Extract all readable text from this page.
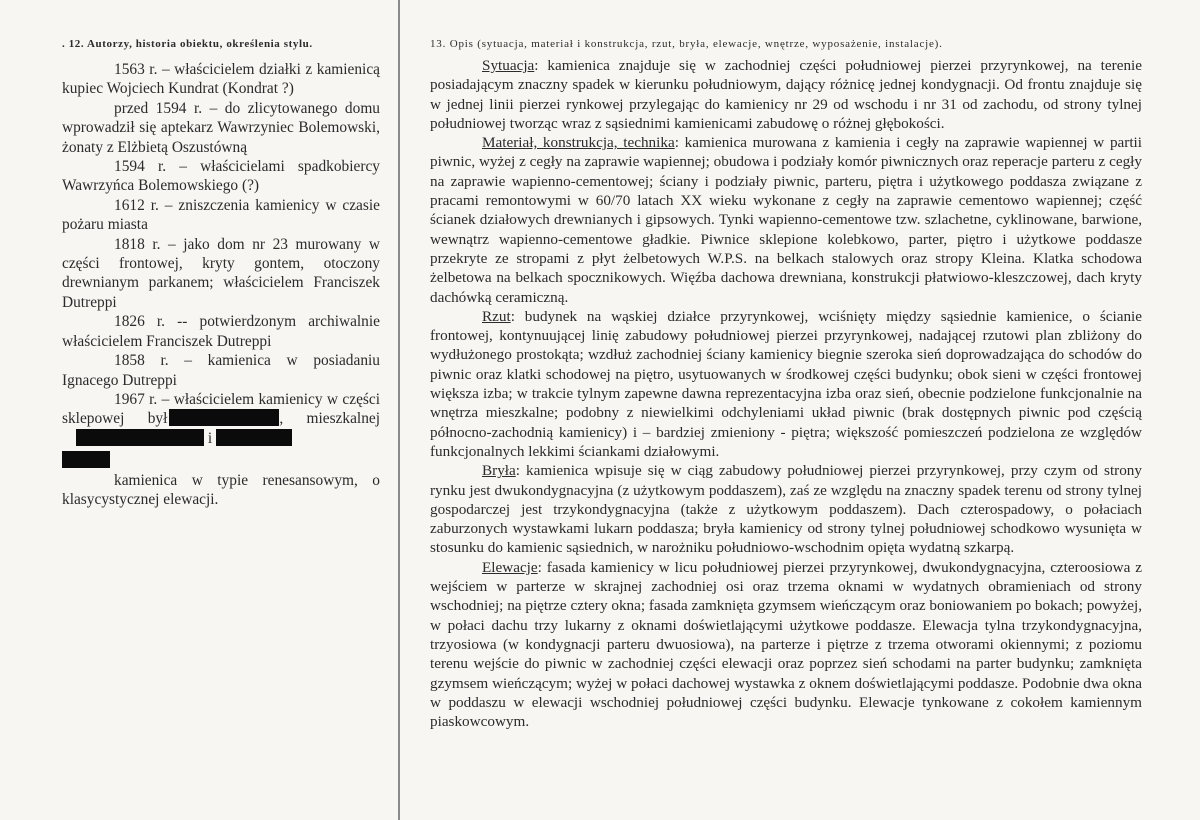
. 12. Autorzy, historia obiektu, określenia stylu.

1563 r. – właścicielem działki z kamienicą kupiec Wojciech Kundrat (Kondrat ?)

przed 1594 r. – do zlicytowanego domu wprowadził się aptekarz Wawrzyniec Bolemowski, żonaty z Elżbietą Oszustówną

1594 r. – właścicielami spadkobiercy Wawrzyńca Bolemowskiego (?)

1612 r. – zniszczenia kamienicy w czasie pożaru miasta

1818 r. – jako dom nr 23 murowany w części frontowej, kryty gontem, otoczony drewnianym parkanem; właścicielem Franciszek Dutreppi

1826 r. -- potwierdzonym archiwalnie właścicielem Franciszek Dutreppi

1858 r. – kamienica w posiadaniu Ignacego Dutreppi

1967 r. – właścicielem kamienicy w części sklepowej był	, mieszkalnej i

kamienica w typie renesansowym, o klasycystycznej elewacji.

13. Opis (sytuacja, materiał i konstrukcja, rzut, bryła, elewacje, wnętrze, wyposażenie, instalacje).

Sytuacja: kamienica znajduje się w zachodniej części południowej pierzei przyrynkowej, na terenie posiadającym znaczny spadek w kierunku południowym, dający różnicę jednej kondygnacji. Od frontu znajduje się w jednej linii pierzei rynkowej przylegając do kamienicy nr 29 od wschodu i nr 31 od zachodu, od strony tylnej południowej tworząc wraz z sąsiednimi kamienicami zabudowę o różnej głębokości.

Materiał, konstrukcja, technika: kamienica murowana z kamienia i cegły na zaprawie wapiennej w partii piwnic, wyżej z cegły na zaprawie wapiennej; obudowa i podziały komór piwnicznych oraz reperacje parteru z cegły na zaprawie wapienno-cementowej; ściany i podziały piwnic, parteru, piętra i użytkowego poddasza związane z pracami remontowymi w 60/70 latach XX wieku wykonane z cegły na zaprawie cementowo wapiennej; część ścianek działowych drewnianych i gipsowych. Tynki wapienno-cementowe tzw. szlachetne, cyklinowane, barwione, wewnątrz wapienno-cementowe gładkie. Piwnice sklepione kolebkowo, parter, piętro i użytkowe poddasze przekryte ze stropami z płyt żelbetowych W.P.S. na belkach stalowych oraz stropy Kleina. Klatka schodowa żelbetowa na belkach spocznikowych. Więźba dachowa drewniana, konstrukcji płatwiowo-kleszczowej, dach kryty dachówką ceramiczną.

Rzut: budynek na wąskiej działce przyrynkowej, wciśnięty między sąsiednie kamienice, o ścianie frontowej, kontynuującej linię zabudowy południowej pierzei przyrynkowej, nadającej rzutowi plan zbliżony do wydłużonego prostokąta; wzdłuż zachodniej ściany kamienicy biegnie szeroka sień doprowadzająca do schodów do piwnic oraz klatki schodowej na piętro, usytuowanych w środkowej części budynku; obok sieni w części frontowej większa izba; w trakcie tylnym zapewne dawna reprezentacyjna izba oraz sień, obecnie podzielone funkcjonalnie na wnętrza mieszkalne; podobny z niewielkimi odchyleniami układ piwnic (brak dostępnych piwnic pod częścią północno-zachodnią kamienicy) i – bardziej zmieniony - piętra; większość pomieszczeń podzielona ze względów funkcjonalnych lekkimi ściankami działowymi.

Bryła: kamienica wpisuje się w ciąg zabudowy południowej pierzei przyrynkowej, przy czym od strony rynku jest dwukondygnacyjna (z użytkowym poddaszem), zaś ze względu na znaczny spadek terenu od strony tylnej gospodarczej jest trzykondygnacyjna (także z użytkowym poddaszem). Dach czterospadowy, o połaciach zaburzonych wystawkami lukarn poddasza; bryła kamienicy od strony tylnej południowej schodkowo wysunięta w stosunku do kamienic sąsiednich, w narożniku południowo-wschodnim opięta wydatną szkarpą.

Elewacje: fasada kamienicy w licu południowej pierzei przyrynkowej, dwukondygnacyjna, czteroosiowa z wejściem w parterze w skrajnej zachodniej osi oraz trzema oknami w wydatnych obramieniach od strony wschodniej; na piętrze cztery okna; fasada zamknięta gzymsem wieńczącym oraz boniowaniem po bokach; powyżej, w połaci dachu trzy lukarny z oknami doświetlającymi użytkowe poddasze. Elewacja tylna trzykondygnacyjna, trzyosiowa (w kondygnacji parteru dwuosiowa), na parterze i piętrze z trzema otworami okiennymi; z poziomu terenu wejście do piwnic w zachodniej części elewacji oraz poprzez sień schodami na parter budynku; zamknięta gzymsem wieńczącym; wyżej w połaci dachowej wystawka z oknem doświetlającymi poddasze. Podobnie dwa okna w poddaszu w elewacji wschodniej południowej części budynku. Elewacje tynkowane z cokołem kamiennym piaskowcowym.
